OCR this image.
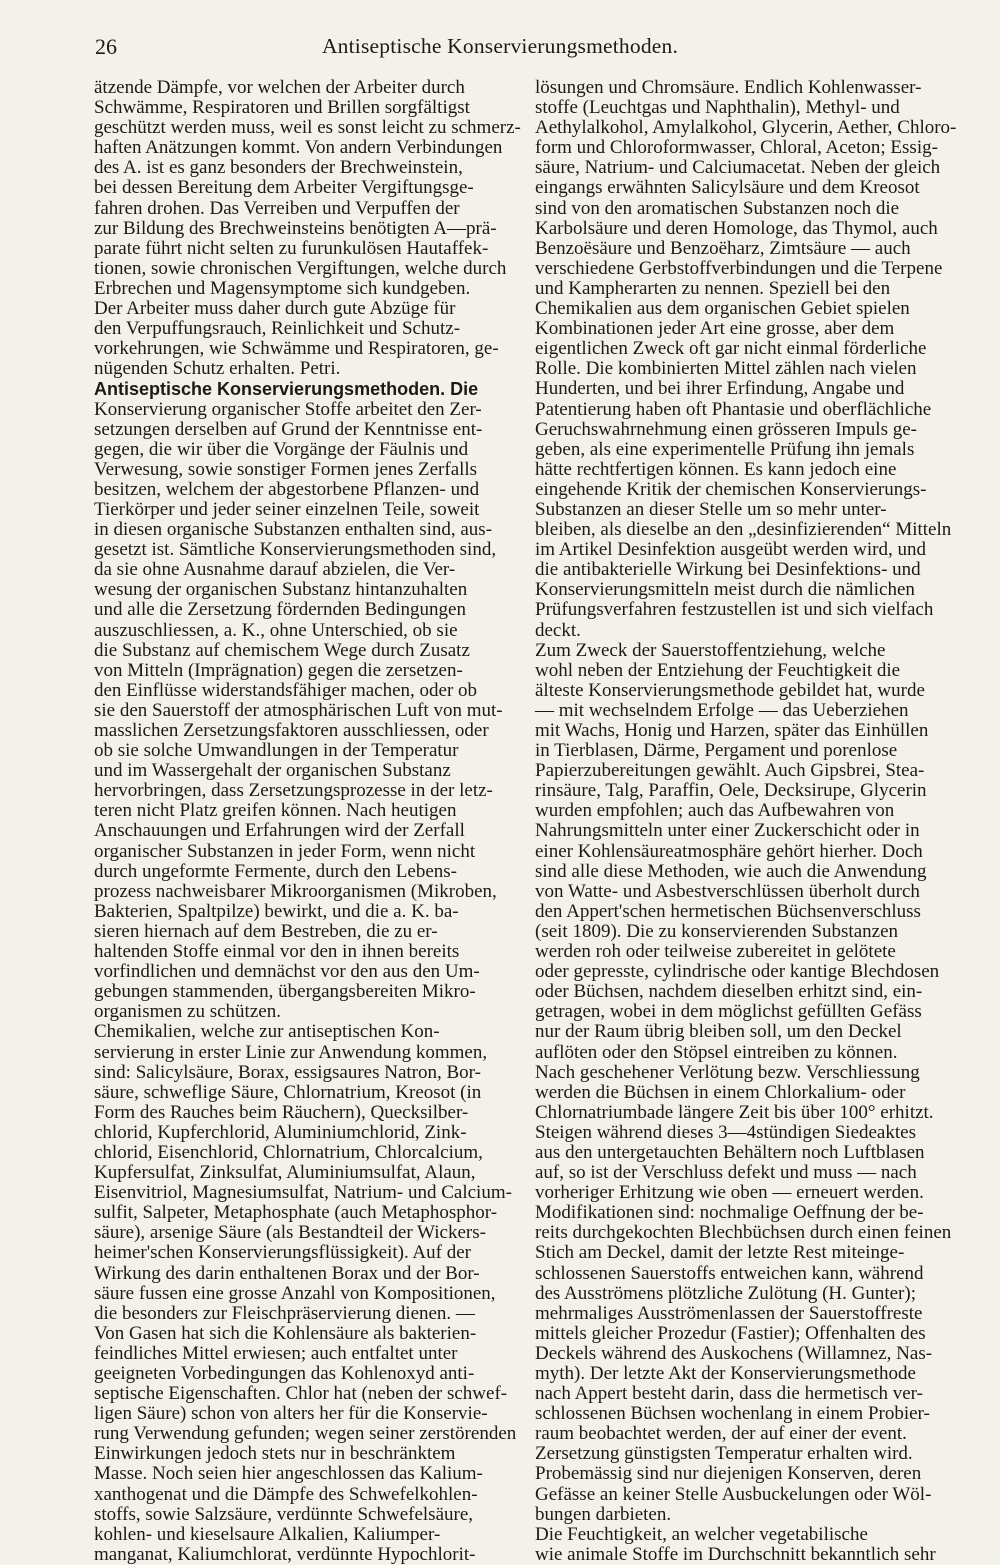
26	Antiseptische Konservierungsmethoden.
ätzende Dämpfe, vor welchen der Arbeiter durch
Schwämme, Respiratoren und Brillen sorgfältigst
geschützt werden muss, weil es sonst leicht zu schmerz-
haften Anätzungen kommt. Von andern Verbindungen
des A. ist es ganz besonders der Brechweinstein,
bei dessen Bereitung dem Arbeiter Vergiftungsge-
fahren drohen. Das Verreiben und Verpuffen der
zur Bildung des Brechweinsteins benötigten A—prä-
parate führt nicht selten zu furunkulösen Hautaffek-
tionen, sowie chronischen Vergiftungen, welche durch
Erbrechen und Magensymptome sich kundgeben.
Der Arbeiter muss daher durch gute Abzüge für
den Verpuffungsrauch, Reinlichkeit und Schutz-
vorkehrungen, wie Schwämme und Respiratoren, ge-
nügenden Schutz erhalten. Petri.
Antiseptische Konservierungsmethoden. Die
Konservierung organischer Stoffe arbeitet den Zer-
setzungen derselben auf Grund der Kenntnisse ent-
gegen, die wir über die Vorgänge der Fäulnis und
Verwesung, sowie sonstiger Formen jenes Zerfalls
besitzen, welchem der abgestorbene Pflanzen- und
Tierkörper und jeder seiner einzelnen Teile, soweit
in diesen organische Substanzen enthalten sind, aus-
gesetzt ist. Sämtliche Konservierungsmethoden sind,
da sie ohne Ausnahme darauf abzielen, die Ver-
wesung der organischen Substanz hintanzuhalten
und alle die Zersetzung fördernden Bedingungen
auszuschliessen, a. K., ohne Unterschied, ob sie
die Substanz auf chemischem Wege durch Zusatz
von Mitteln (Imprägnation) gegen die zersetzen-
den Einflüsse widerstandsfähiger machen, oder ob
sie den Sauerstoff der atmosphärischen Luft von mut-
masslichen Zersetzungsfaktoren ausschliessen, oder
ob sie solche Umwandlungen in der Temperatur
und im Wassergehalt der organischen Substanz
hervorbringen, dass Zersetzungsprozesse in der letz-
teren nicht Platz greifen können. Nach heutigen
Anschauungen und Erfahrungen wird der Zerfall
organischer Substanzen in jeder Form, wenn nicht
durch ungeformte Fermente, durch den Lebens-
prozess nachweisbarer Mikroorganismen (Mikroben,
Bakterien, Spaltpilze) bewirkt, und die a. K. ba-
sieren hiernach auf dem Bestreben, die zu er-
haltenden Stoffe einmal vor den in ihnen bereits
vorfindlichen und demnächst vor den aus den Um-
gebungen stammenden, übergangsbereiten Mikro-
organismen zu schützen.
Chemikalien, welche zur antiseptischen Kon-
servierung in erster Linie zur Anwendung kommen,
sind: Salicylsäure, Borax, essigsaures Natron, Bor-
säure, schweflige Säure, Chlornatrium, Kreosot (in
Form des Rauches beim Räuchern), Quecksilber-
chlorid, Kupferchlorid, Aluminiumchlorid, Zink-
chlorid, Eisenchlorid, Chlornatrium, Chlorcalcium,
Kupfersulfat, Zinksulfat, Aluminiumsulfat, Alaun,
Eisenvitriol, Magnesiumsulfat, Natrium- und Calcium-
sulfit, Salpeter, Metaphosphate (auch Metaphosphor-
säure), arsenige Säure (als Bestandteil der Wickers-
heimer'schen Konservierungsflüssigkeit). Auf der
Wirkung des darin enthaltenen Borax und der Bor-
säure fussen eine grosse Anzahl von Kompositionen,
die besonders zur Fleischpräservierung dienen. —
Von Gasen hat sich die Kohlensäure als bakterien-
feindliches Mittel erwiesen; auch entfaltet unter
geeigneten Vorbedingungen das Kohlenoxyd anti-
septische Eigenschaften. Chlor hat (neben der schwef-
ligen Säure) schon von alters her für die Konservie-
rung Verwendung gefunden; wegen seiner zerstörenden
Einwirkungen jedoch stets nur in beschränktem
Masse. Noch seien hier angeschlossen das Kalium-
xanthogenat und die Dämpfe des Schwefelkohlen-
stoffs, sowie Salzsäure, verdünnte Schwefelsäure,
kohlen- und kieselsaure Alkalien, Kaliumper-
manganat, Kaliumchlorat, verdünnte Hypochlorit-
lösungen und Chromsäure. Endlich Kohlenwasser-
stoffe (Leuchtgas und Naphthalin), Methyl- und
Aethylalkohol, Amylalkohol, Glycerin, Aether, Chloro-
form und Chloroformwasser, Chloral, Aceton; Essig-
säure, Natrium- und Calciumacetat. Neben der gleich
eingangs erwähnten Salicylsäure und dem Kreosot
sind von den aromatischen Substanzen noch die
Karbolsäure und deren Homologe, das Thymol, auch
Benzoësäure und Benzoëharz, Zimtsäure — auch
verschiedene Gerbstoffverbindungen und die Terpene
und Kampherarten zu nennen. Speziell bei den
Chemikalien aus dem organischen Gebiet spielen
Kombinationen jeder Art eine grosse, aber dem
eigentlichen Zweck oft gar nicht einmal förderliche
Rolle. Die kombinierten Mittel zählen nach vielen
Hunderten, und bei ihrer Erfindung, Angabe und
Patentierung haben oft Phantasie und oberflächliche
Geruchswahrnehmung einen grösseren Impuls ge-
geben, als eine experimentelle Prüfung ihn jemals
hätte rechtfertigen können. Es kann jedoch eine
eingehende Kritik der chemischen Konservierungs-
Substanzen an dieser Stelle um so mehr unter-
bleiben, als dieselbe an den „desinfizierenden“ Mitteln
im Artikel Desinfektion ausgeübt werden wird, und
die antibakterielle Wirkung bei Desinfektions- und
Konservierungsmitteln meist durch die nämlichen
Prüfungsverfahren festzustellen ist und sich vielfach
deckt.
Zum Zweck der Sauerstoffentziehung, welche
wohl neben der Entziehung der Feuchtigkeit die
älteste Konservierungsmethode gebildet hat, wurde
— mit wechselndem Erfolge — das Ueberziehen
mit Wachs, Honig und Harzen, später das Einhüllen
in Tierblasen, Därme, Pergament und porenlose
Papierzubereitungen gewählt. Auch Gipsbrei, Stea-
rinsäure, Talg, Paraffin, Oele, Decksirupe, Glycerin
wurden empfohlen; auch das Aufbewahren von
Nahrungsmitteln unter einer Zuckerschicht oder in
einer Kohlensäureatmosphäre gehört hierher. Doch
sind alle diese Methoden, wie auch die Anwendung
von Watte- und Asbestverschlüssen überholt durch
den Appert'schen hermetischen Büchsenverschluss
(seit 1809). Die zu konservierenden Substanzen
werden roh oder teilweise zubereitet in gelötete
oder gepresste, cylindrische oder kantige Blechdosen
oder Büchsen, nachdem dieselben erhitzt sind, ein-
getragen, wobei in dem möglichst gefüllten Gefäss
nur der Raum übrig bleiben soll, um den Deckel
auflöten oder den Stöpsel eintreiben zu können.
Nach geschehener Verlötung bezw. Verschliessung
werden die Büchsen in einem Chlorkalium- oder
Chlornatriumbade längere Zeit bis über 100° erhitzt.
Steigen während dieses 3—4stündigen Siedeaktes
aus den untergetauchten Behältern noch Luftblasen
auf, so ist der Verschluss defekt und muss — nach
vorheriger Erhitzung wie oben — erneuert werden.
Modifikationen sind: nochmalige Oeffnung der be-
reits durchgekochten Blechbüchsen durch einen feinen
Stich am Deckel, damit der letzte Rest miteinge-
schlossenen Sauerstoffs entweichen kann, während
des Ausströmens plötzliche Zulötung (H. Gunter);
mehrmaliges Ausströmenlassen der Sauerstoffreste
mittels gleicher Prozedur (Fastier); Offenhalten des
Deckels während des Auskochens (Willamnez, Nas-
myth). Der letzte Akt der Konservierungsmethode
nach Appert besteht darin, dass die hermetisch ver-
schlossenen Büchsen wochenlang in einem Probier-
raum beobachtet werden, der auf einer der event.
Zersetzung günstigsten Temperatur erhalten wird.
Probemässig sind nur diejenigen Konserven, deren
Gefässe an keiner Stelle Ausbuckelungen oder Wöl-
bungen darbieten.
Die Feuchtigkeit, an welcher vegetabilische
wie animale Stoffe im Durchschnitt bekanntlich sehr
